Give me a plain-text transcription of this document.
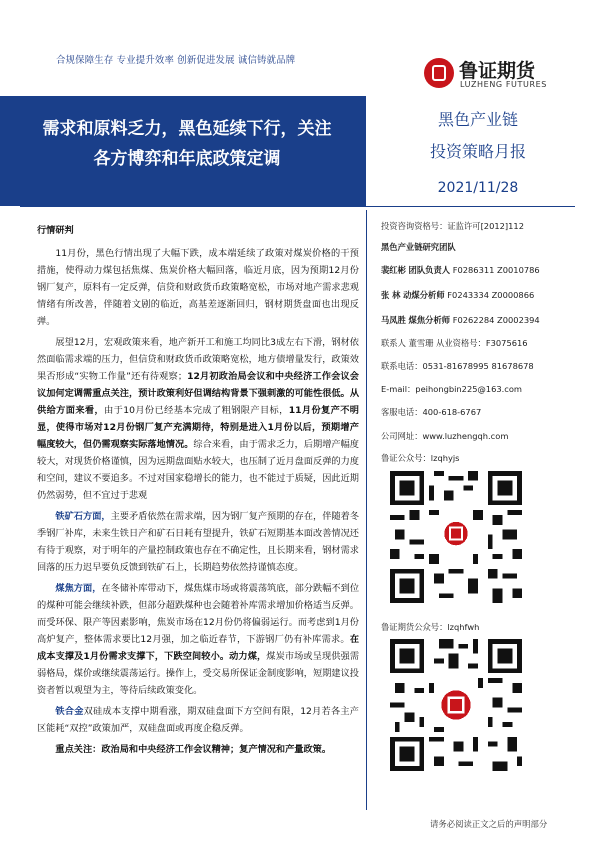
合规保障生存 专业提升效率 创新促进发展 诚信铸就品牌	鲁证期货
LUZHENG FUTURES
需求和原料乏力，黑色延续下行，关注
各方博弈和年底政策定调
黑色产业链
投资策略月报
2021/11/28

行情研判

11月份，黑色行情出现了大幅下跌，成本端延续了政策对煤炭价格的干预措施，使得动力煤包括焦煤、焦炭价格大幅回落，临近月底，因为预期12月份钢厂复产，原料有一定反弹，信贷和财政货币政策略宽松，市场对地产需求悲观情绪有所改善，伴随着文剧的临近，高基差逐渐回归，钢材期货盘面也出现反弹。

展望12月，宏观政策来看，地产新开工和施工均同比3成左右下滑，钢材依然面临需求端的压力，但信贷和财政货币政策略宽松，地方债增量发行，政策效果否形成“实物工作量”还有待观察；12月初政治局会议和中央经济工作会议会议加何定调需重点关注，预计政策利好但调结构背景下强刺激的可能性很低。从供给方面来看，由于10月份已经基本完成了粗钢限产目标，11月份复产不明显，使得市场对12月份钢厂复产充满期待，特别是进入1月份以后，预期增产幅度较大，但仍需观察实际落地情况。综合来看，由于需求乏力，后期增产幅度较大，对现货价格谨慎，因为远期盘面贴水较大，也压制了近月盘面反弹的力度和空间，建议不要追多。不过对国家稳增长的能力，也不能过于质疑，因此近期仍然弱势，但不宜过于悲观

铁矿石方面，主要矛盾依然在需求端，因为钢厂复产预期的存在，伴随着冬季钢厂补库，未来生铁日产和矿石日耗有望提升，铁矿石短期基本面改善情况还有待于观察，对于明年的产量控制政策也存在不确定性，且长期来看，钢材需求回落的压力迟早要负反馈到铁矿石上，长期趋势依然持谨慎态度。

煤焦方面，在冬储补库带动下，煤焦煤市场或将震荡筑底，部分跌幅不到位的煤种可能会继续补跌，但部分超跌煤种也会随着补库需求增加价格适当反弹。而受环保、限产等因素影响，焦炭市场在12月份仍将偏弱运行。而考虑到1月份高炉复产，整体需求要比12月强，加之临近春节，下游钢厂仍有补库需求。在成本支撑及1月份需求支撑下，下跌空间较小。动力煤，煤炭市场或呈现供强需弱格局，煤价或继续震荡运行。操作上，受交易所保证金制度影响，短期建议投资者暂以观望为主，等待后续政策变化。

铁合金双硅成本支撑中期看涨，期双硅盘面下方空间有限，12月若各主产区能耗“双控”政策加严，双硅盘面或再度企稳反弹。

重点关注：政治局和中央经济工作会议精神；复产情况和产量政策。

投资咨询资格号：证监许可[2012]112
黑色产业链研究团队
裴红彬 团队负责人 F0286311 Z0010786
张 林 动煤分析师 F0243334 Z0000866
马凤胜 煤焦分析师 F0262284 Z0002394
联系人 董雪珊 从业资格号：F3075616
联系电话：0531-81678995 81678678
E-mail：peihongbin225@163.com
客服电话：400-618-6767
公司网址：www.luzhengqh.com
鲁证公众号：lzqhyjs
鲁证期货公众号：lzqhfwh
请务必阅读正文之后的声明部分
